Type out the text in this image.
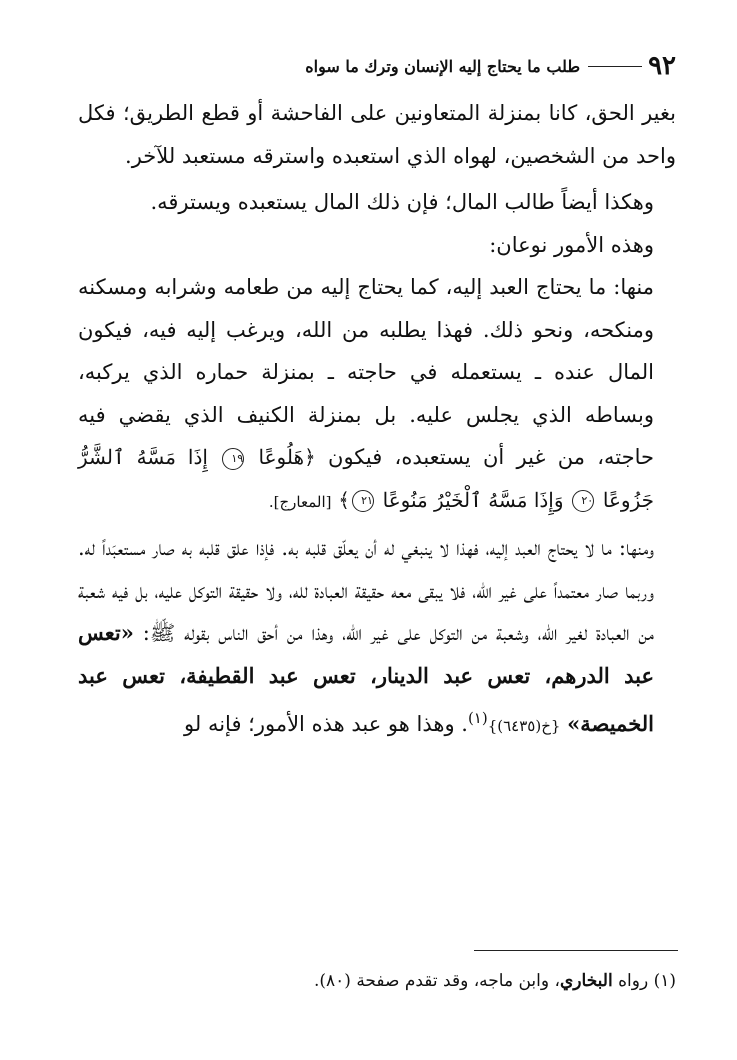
٩٢
طلب ما يحتاج إليه الإنسان وترك ما سواه

بغير الحق، كانا بمنزلة المتعاونين على الفاحشة أو قطع الطريق؛ فكل واحد من الشخصين، لهواه الذي استعبده واسترقه مستعبد للآخر.

وهكذا أيضاً طالب المال؛ فإن ذلك المال يستعبده ويسترقه.

وهذه الأمور نوعان:

منها: ما يحتاج العبد إليه، كما يحتاج إليه من طعامه وشرابه ومسكنه ومنكحه، ونحو ذلك. فهذا يطلبه من الله، ويرغب إليه فيه، فيكون المال عنده ـ يستعمله في حاجته ـ بمنزلة حماره الذي يركبه، وبساطه الذي يجلس عليه. بل بمنزلة الكنيف الذي يقضي فيه حاجته، من غير أن يستعبده، فيكون ﴿هَلُوعًا ١٩ إِذَا مَسَّهُ ٱلشَّرُّ جَزُوعًا ٢٠ وَإِذَا مَسَّهُ ٱلْخَيْرُ مَنُوعًا ٢١﴾ [المعارج].

ومنها: ما لا يحتاج العبد إليه، فهذا لا ينبغي له أن يعلّق قلبه به. فإذا علق قلبه به صار مستعبَداً له. وربما صار معتمداً على غير الله، فلا يبقى معه حقيقة العبادة لله، ولا حقيقة التوكل عليه، بل فيه شعبة من العبادة لغير الله، وشعبة من التوكل على غير الله، وهذا من أحق الناس بقوله ﷺ: «تعس عبد الدرهم، تعس عبد الدينار، تعس عبد القطيفة، تعس عبد الخميصة» {خ(٦٤٣٥)}$^{(١)}$. وهذا هو عبد هذه الأمور؛ فإنه لو

(١) رواه البخاري، وابن ماجه، وقد تقدم صفحة (٨٠).
